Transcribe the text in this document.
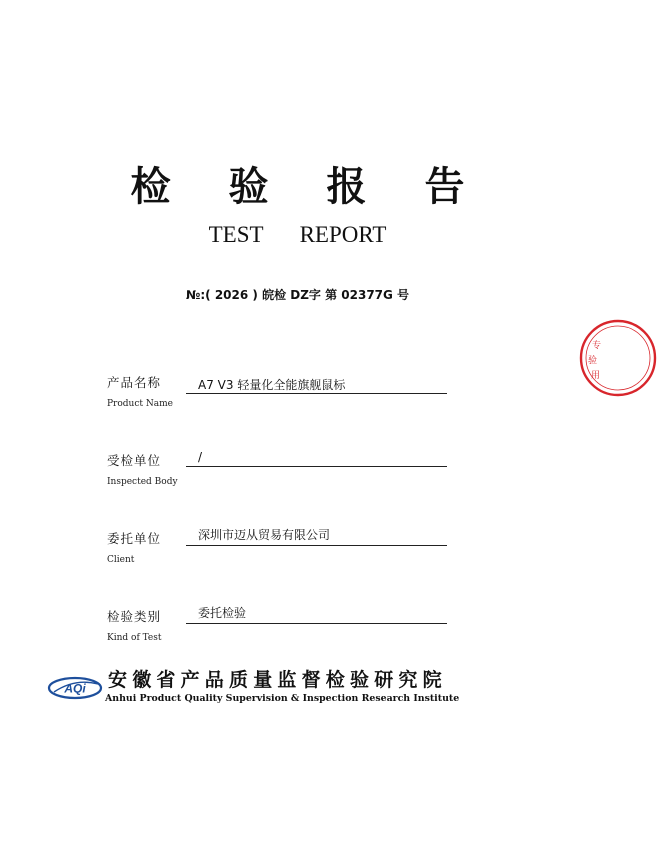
检 验 报 告
TEST REPORT
№:( 2026 ) 皖检 DZ字 第 02377G 号
产品名称
Product Name
A7 V3 轻量化全能旗舰鼠标
受检单位
Inspected Body
/
委托单位
Client
深圳市迈从贸易有限公司
检验类别
Kind of Test
委托检验
AQi 安徽省产品质量监督检验研究院
Anhui Product Quality Supervision & Inspection Research Institute
专
验
用
